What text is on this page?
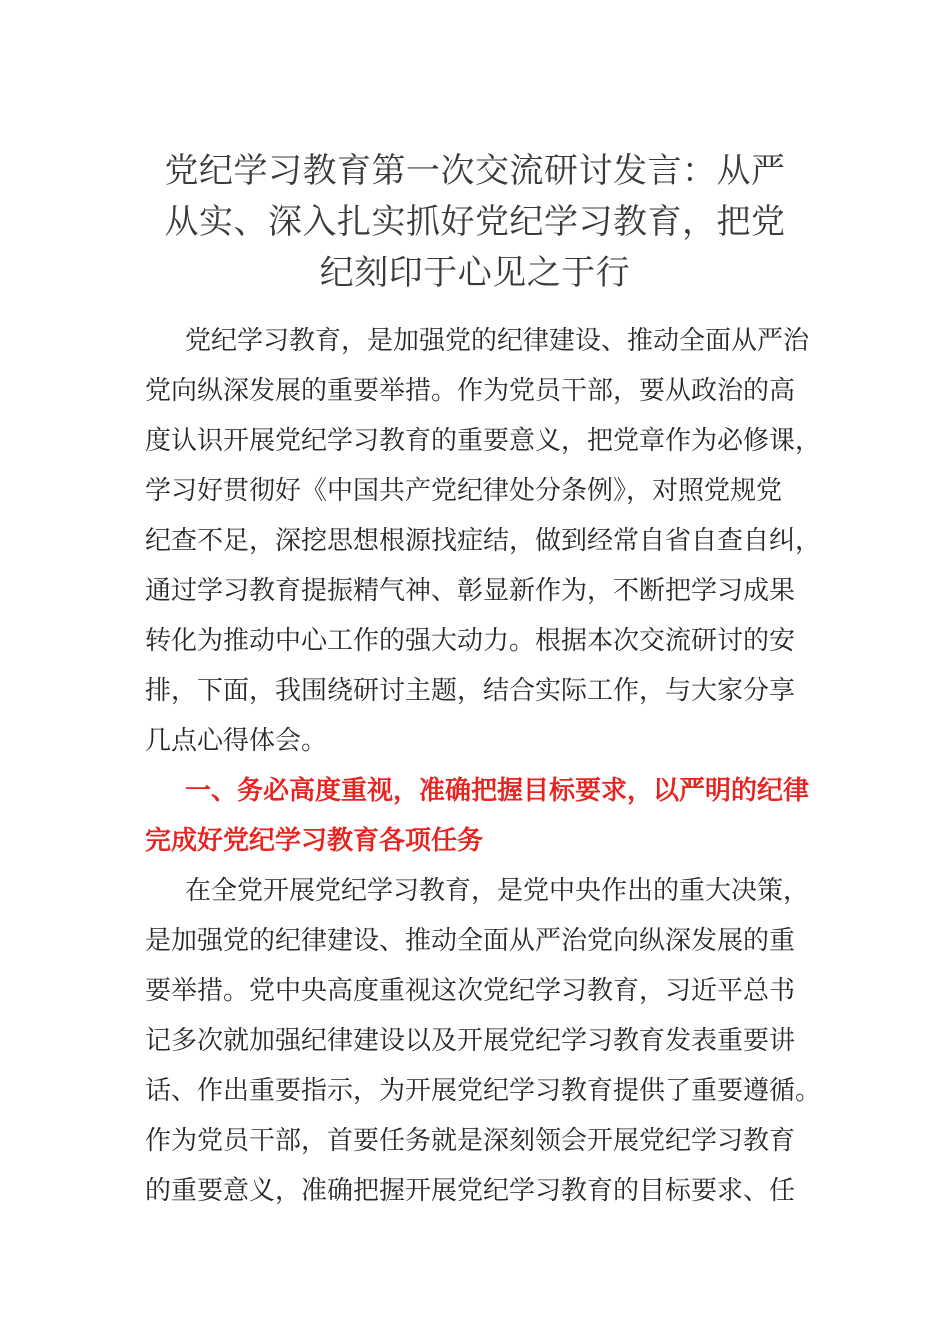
党纪学习教育第一次交流研讨发言：从严
从实、深入扎实抓好党纪学习教育，把党
纪刻印于心见之于行
党纪学习教育，是加强党的纪律建设、推动全面从严治
党向纵深发展的重要举措。作为党员干部，要从政治的高
度认识开展党纪学习教育的重要意义，把党章作为必修课，
学习好贯彻好《中国共产党纪律处分条例》，对照党规党
纪查不足，深挖思想根源找症结，做到经常自省自查自纠，
通过学习教育提振精气神、彰显新作为，不断把学习成果
转化为推动中心工作的强大动力。根据本次交流研讨的安
排，下面，我围绕研讨主题，结合实际工作，与大家分享
几点心得体会。
一、务必高度重视，准确把握目标要求，以严明的纪律
完成好党纪学习教育各项任务
在全党开展党纪学习教育，是党中央作出的重大决策，
是加强党的纪律建设、推动全面从严治党向纵深发展的重
要举措。党中央高度重视这次党纪学习教育，习近平总书
记多次就加强纪律建设以及开展党纪学习教育发表重要讲
话、作出重要指示，为开展党纪学习教育提供了重要遵循。
作为党员干部，首要任务就是深刻领会开展党纪学习教育
的重要意义，准确把握开展党纪学习教育的目标要求、任
